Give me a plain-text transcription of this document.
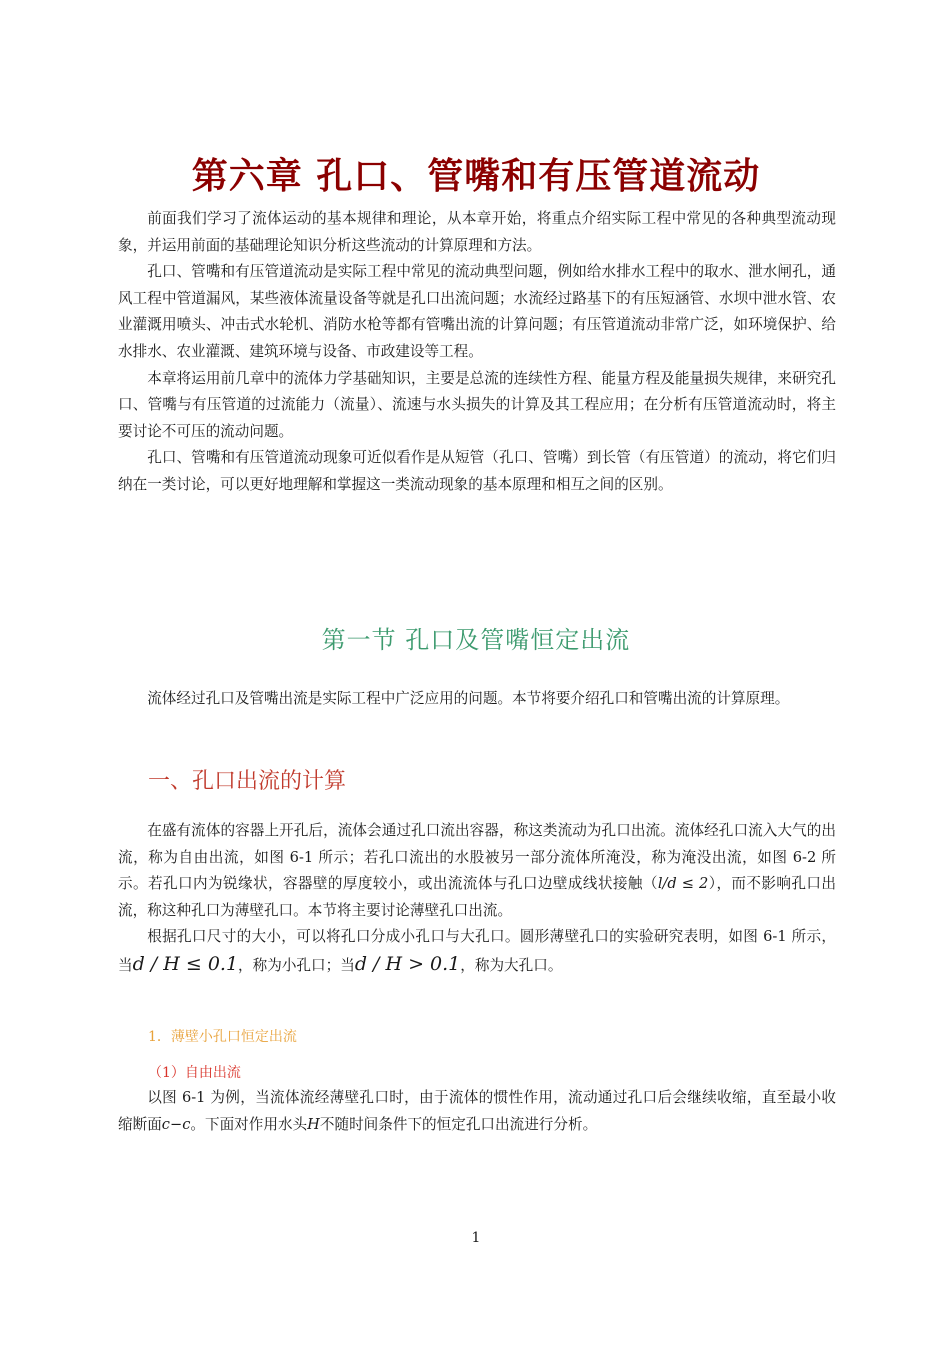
第六章 孔口、管嘴和有压管道流动

前面我们学习了流体运动的基本规律和理论，从本章开始，将重点介绍实际工程中常见的各种典型流动现象，并运用前面的基础理论知识分析这些流动的计算原理和方法。

孔口、管嘴和有压管道流动是实际工程中常见的流动典型问题，例如给水排水工程中的取水、泄水闸孔，通风工程中管道漏风，某些液体流量设备等就是孔口出流问题；水流经过路基下的有压短涵管、水坝中泄水管、农业灌溉用喷头、冲击式水轮机、消防水枪等都有管嘴出流的计算问题；有压管道流动非常广泛，如环境保护、给水排水、农业灌溉、建筑环境与设备、市政建设等工程。

本章将运用前几章中的流体力学基础知识，主要是总流的连续性方程、能量方程及能量损失规律，来研究孔口、管嘴与有压管道的过流能力（流量）、流速与水头损失的计算及其工程应用；在分析有压管道流动时，将主要讨论不可压的流动问题。

孔口、管嘴和有压管道流动现象可近似看作是从短管（孔口、管嘴）到长管（有压管道）的流动，将它们归纳在一类讨论，可以更好地理解和掌握这一类流动现象的基本原理和相互之间的区别。

第一节 孔口及管嘴恒定出流

流体经过孔口及管嘴出流是实际工程中广泛应用的问题。本节将要介绍孔口和管嘴出流的计算原理。

一、孔口出流的计算

在盛有流体的容器上开孔后，流体会通过孔口流出容器，称这类流动为孔口出流。流体经孔口流入大气的出流，称为自由出流，如图 6-1 所示；若孔口流出的水股被另一部分流体所淹没，称为淹没出流，如图 6-2 所示。若孔口内为锐缘状，容器壁的厚度较小，或出流流体与孔口边壁成线状接触（l/d ≤ 2），而不影响孔口出流，称这种孔口为薄壁孔口。本节将主要讨论薄壁孔口出流。

根据孔口尺寸的大小，可以将孔口分成小孔口与大孔口。圆形薄壁孔口的实验研究表明，如图 6-1 所示，当d / H ≤ 0.1，称为小孔口；当d / H > 0.1，称为大孔口。

1．薄壁小孔口恒定出流
（1）自由出流

以图 6-1 为例，当流体流经薄壁孔口时，由于流体的惯性作用，流动通过孔口后会继续收缩，直至最小收缩断面c−c。下面对作用水头H不随时间条件下的恒定孔口出流进行分析。

1
